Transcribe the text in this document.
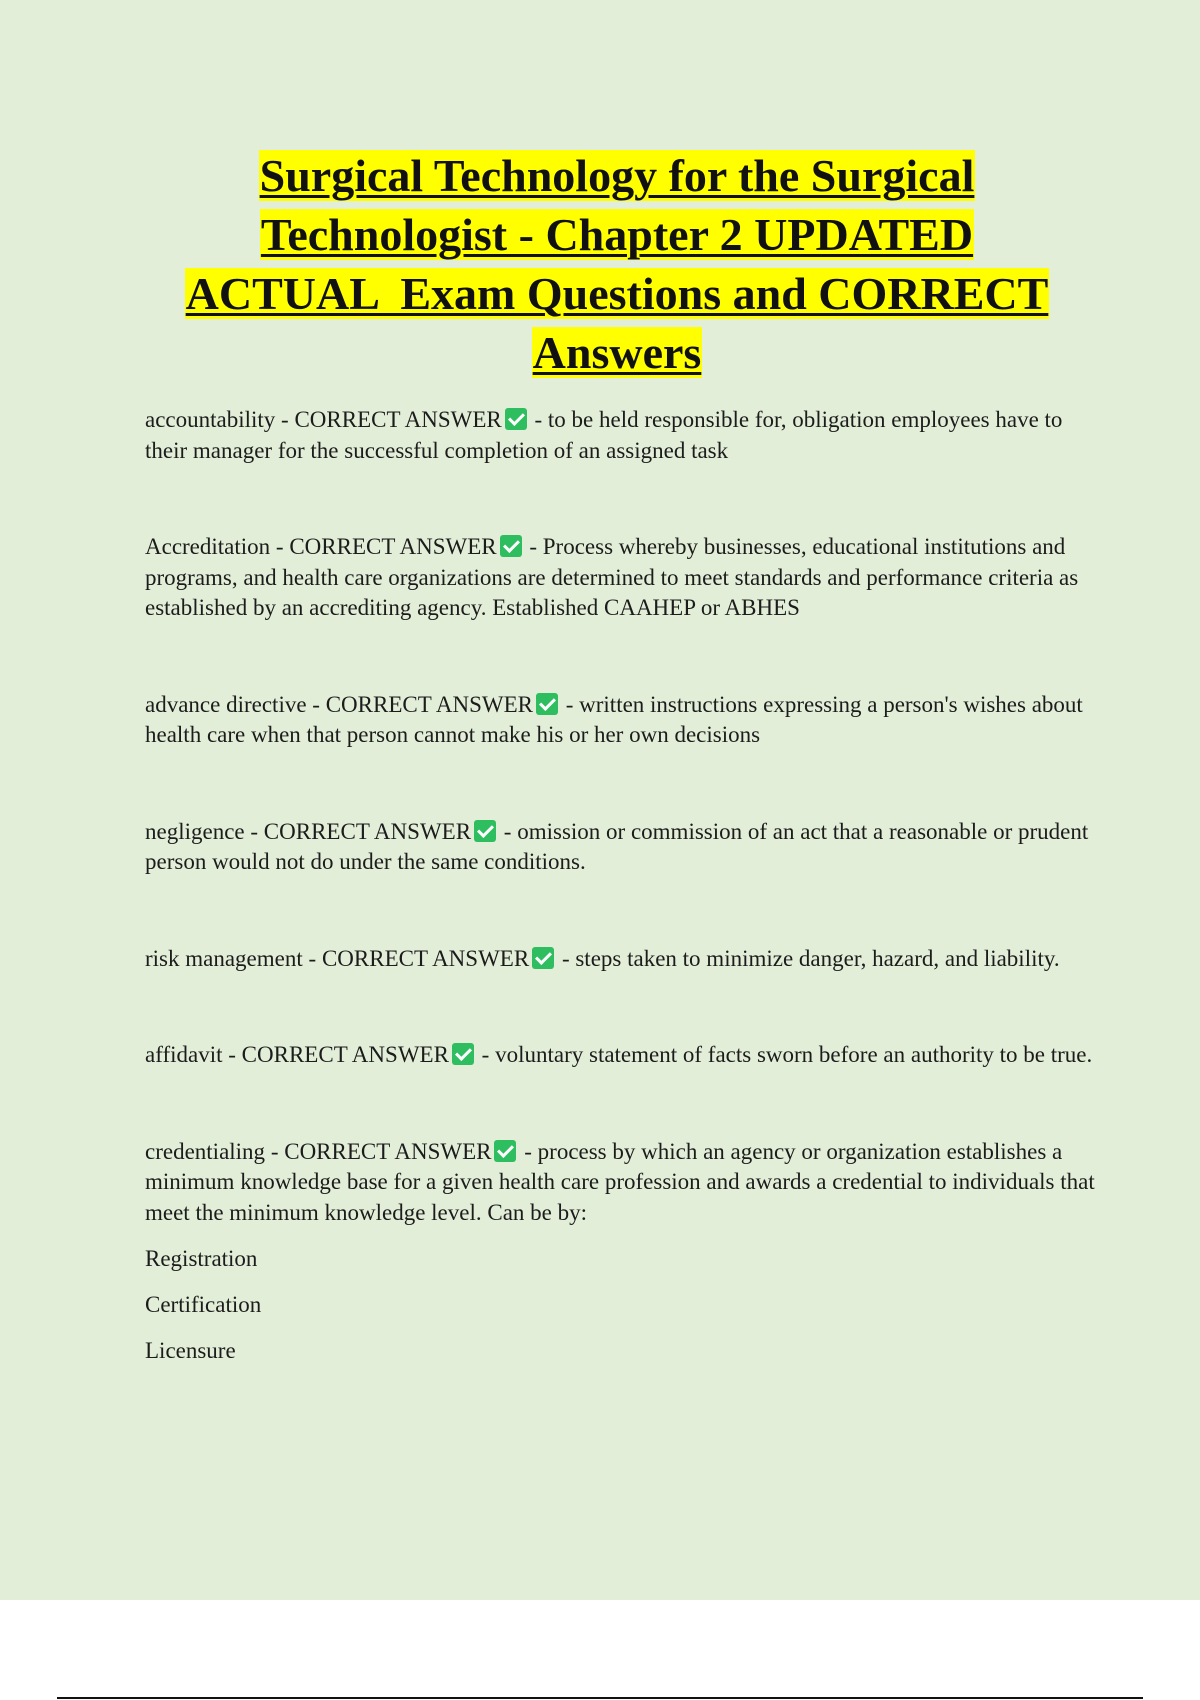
Surgical Technology for the Surgical
Technologist - Chapter 2 UPDATED
ACTUAL  Exam Questions and CORRECT
Answers

accountability - CORRECT ANSWER - to be held responsible for, obligation employees have to their manager for the successful completion of an assigned task

Accreditation - CORRECT ANSWER - Process whereby businesses, educational institutions and programs, and health care organizations are determined to meet standards and performance criteria as established by an accrediting agency. Established CAAHEP or ABHES

advance directive - CORRECT ANSWER - written instructions expressing a person's wishes about health care when that person cannot make his or her own decisions

negligence - CORRECT ANSWER - omission or commission of an act that a reasonable or prudent person would not do under the same conditions.

risk management - CORRECT ANSWER - steps taken to minimize danger, hazard, and liability.

affidavit - CORRECT ANSWER - voluntary statement of facts sworn before an authority to be true.

credentialing - CORRECT ANSWER - process by which an agency or organization establishes a minimum knowledge base for a given health care profession and awards a credential to individuals that meet the minimum knowledge level. Can be by:

Registration

Certification

Licensure
